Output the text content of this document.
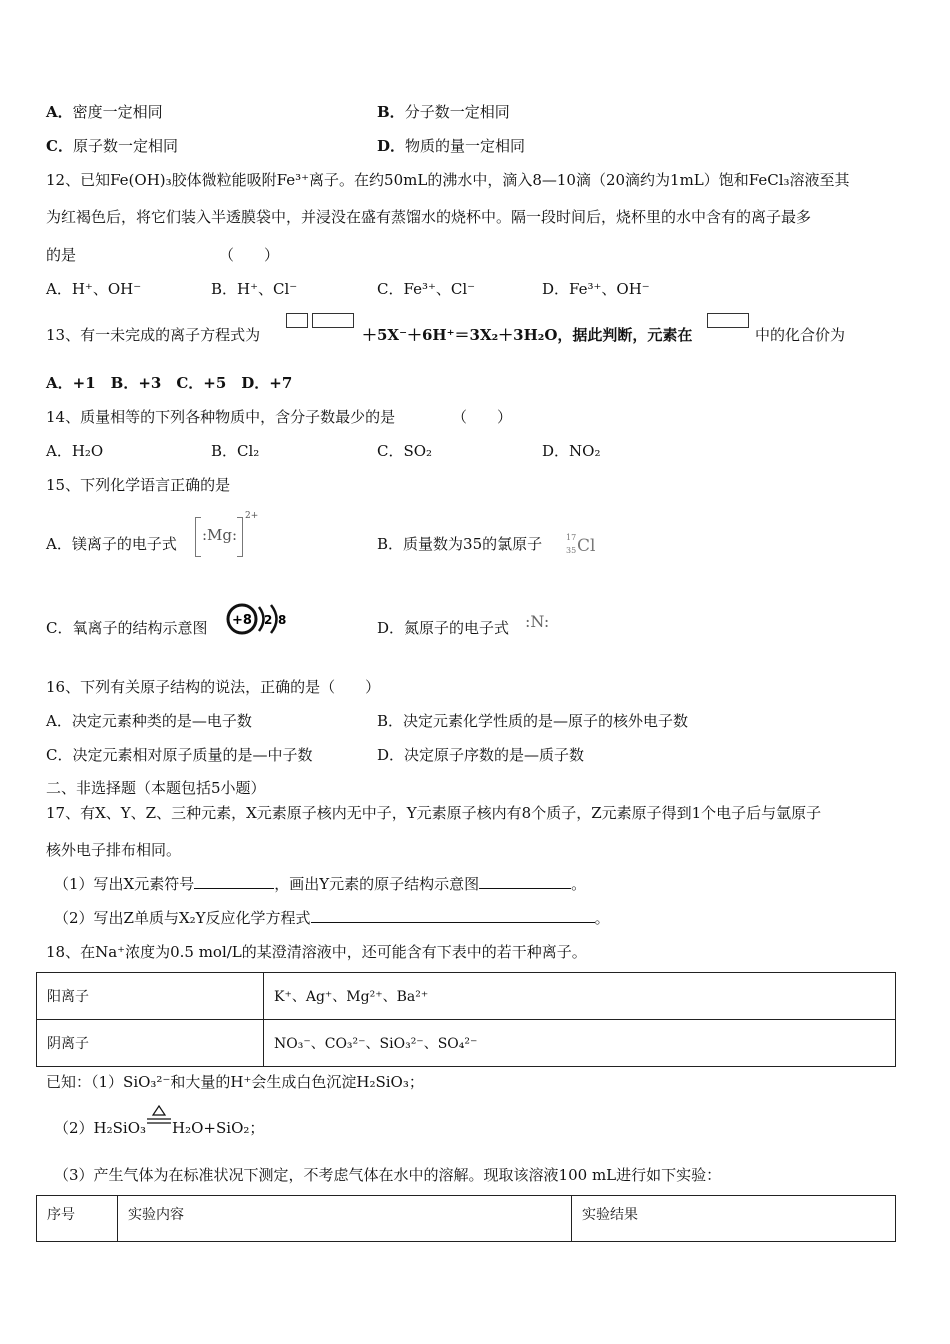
A．密度一定相同	B．分子数一定相同
C．原子数一定相同	D．物质的量一定相同
12、已知Fe(OH)₃胶体微粒能吸附Fe³⁺离子。在约50mL的沸水中，滴入8—10滴（20滴约为1mL）饱和FeCl₃溶液至其
为红褐色后，将它们装入半透膜袋中，并浸没在盛有蒸馏水的烧杯中。隔一段时间后，烧杯里的水中含有的离子最多
的是	（　　）
A．H⁺、OH⁻	B．H⁺、Cl⁻	C．Fe³⁺、Cl⁻	D．Fe³⁺、OH⁻
13、有一未完成的离子方程式为	＋5X⁻＋6H⁺＝3X₂＋3H₂O，据此判断，元素在	中的化合价为
A．+1　B．+3　C．+5　D．+7
14、质量相等的下列各种物质中，含分子数最少的是	（　　）
A．H₂O	B．Cl₂	C．SO₂	D．NO₂
15、下列化学语言正确的是
A．镁离子的电子式 :Mg:
2+
B．质量数为35的氯原子	17
35 Cl
C．氧离子的结构示意图 +8 2 8	D．氮原子的电子式 :N:
16、下列有关原子结构的说法，正确的是（　　）
A．决定元素种类的是—电子数	B．决定元素化学性质的是—原子的核外电子数
C．决定元素相对原子质量的是—中子数	D．决定原子序数的是—质子数
二、非选择题（本题包括5小题）
17、有X、Y、Z、三种元素，X元素原子核内无中子，Y元素原子核内有8个质子，Z元素原子得到1个电子后与氩原子
核外电子排布相同。
（1）写出X元素符号	，画出Y元素的原子结构示意图	。
（2）写出Z单质与X₂Y反应化学方程式	。
18、在Na⁺浓度为0.5 mol/L的某澄清溶液中，还可能含有下表中的若干种离子。
阳离子	K⁺、Ag⁺、Mg²⁺、Ba²⁺
阴离子	NO₃⁻、CO₃²⁻、SiO₃²⁻、SO₄²⁻
已知：（1）SiO₃²⁻和大量的H⁺会生成白色沉淀H₂SiO₃；
（2）H₂SiO₃ H₂O+SiO₂；
（3）产生气体为在标准状况下测定，不考虑气体在水中的溶解。现取该溶液100 mL进行如下实验：
序号	实验内容	实验结果
